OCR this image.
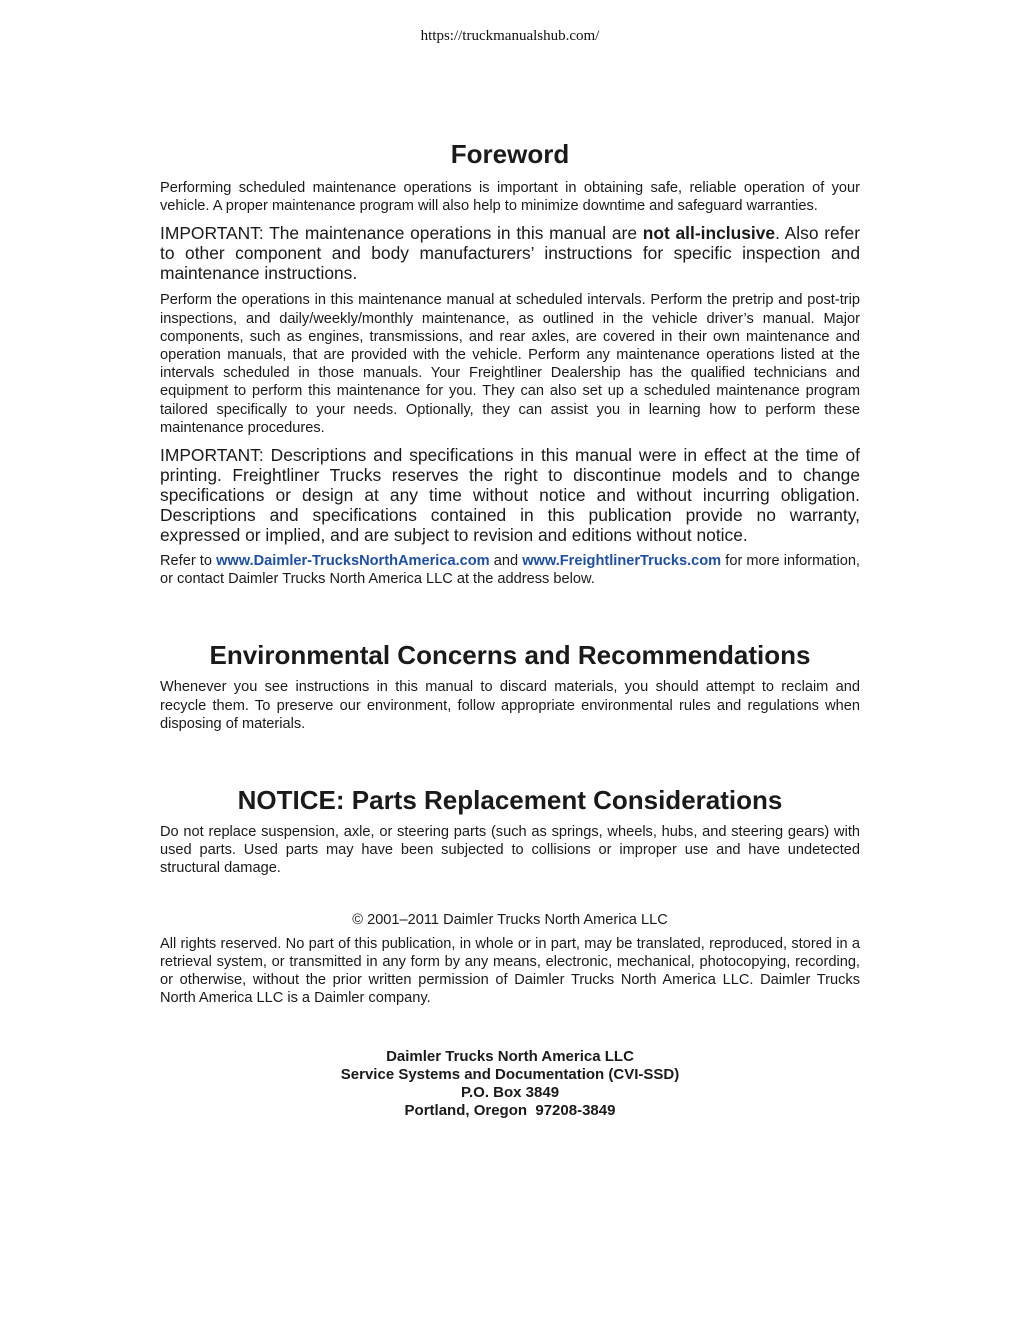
https://truckmanualshub.com/
Foreword

Performing scheduled maintenance operations is important in obtaining safe, reliable operation of your vehicle. A proper maintenance program will also help to minimize downtime and safeguard warranties.

IMPORTANT: The maintenance operations in this manual are not all-inclusive. Also refer to other component and body manufacturers’ instructions for specific inspection and maintenance instructions.

Perform the operations in this maintenance manual at scheduled intervals. Perform the pretrip and post-trip inspections, and daily/weekly/monthly maintenance, as outlined in the vehicle driver’s manual. Major components, such as engines, transmissions, and rear axles, are covered in their own maintenance and operation manuals, that are provided with the vehicle. Perform any maintenance operations listed at the intervals scheduled in those manuals. Your Freightliner Dealership has the qualified technicians and equipment to perform this maintenance for you. They can also set up a scheduled maintenance program tailored specifically to your needs. Optionally, they can assist you in learning how to perform these maintenance procedures.

IMPORTANT: Descriptions and specifications in this manual were in effect at the time of printing. Freightliner Trucks reserves the right to discontinue models and to change specifications or design at any time without notice and without incurring obligation. Descriptions and specifications contained in this publication provide no warranty, expressed or implied, and are subject to revision and editions without notice.

Refer to www.Daimler-TrucksNorthAmerica.com and www.FreightlinerTrucks.com for more information, or contact Daimler Trucks North America LLC at the address below.

Environmental Concerns and Recommendations

Whenever you see instructions in this manual to discard materials, you should attempt to reclaim and recycle them. To preserve our environment, follow appropriate environmental rules and regulations when disposing of materials.

NOTICE: Parts Replacement Considerations

Do not replace suspension, axle, or steering parts (such as springs, wheels, hubs, and steering gears) with used parts. Used parts may have been subjected to collisions or improper use and have undetected structural damage.

© 2001–2011 Daimler Trucks North America LLC

All rights reserved. No part of this publication, in whole or in part, may be translated, reproduced, stored in a retrieval system, or transmitted in any form by any means, electronic, mechanical, photocopying, recording, or otherwise, without the prior written permission of Daimler Trucks North America LLC. Daimler Trucks North America LLC is a Daimler company.

Daimler Trucks North America LLC
Service Systems and Documentation (CVI-SSD)
P.O. Box 3849
Portland, Oregon  97208-3849
